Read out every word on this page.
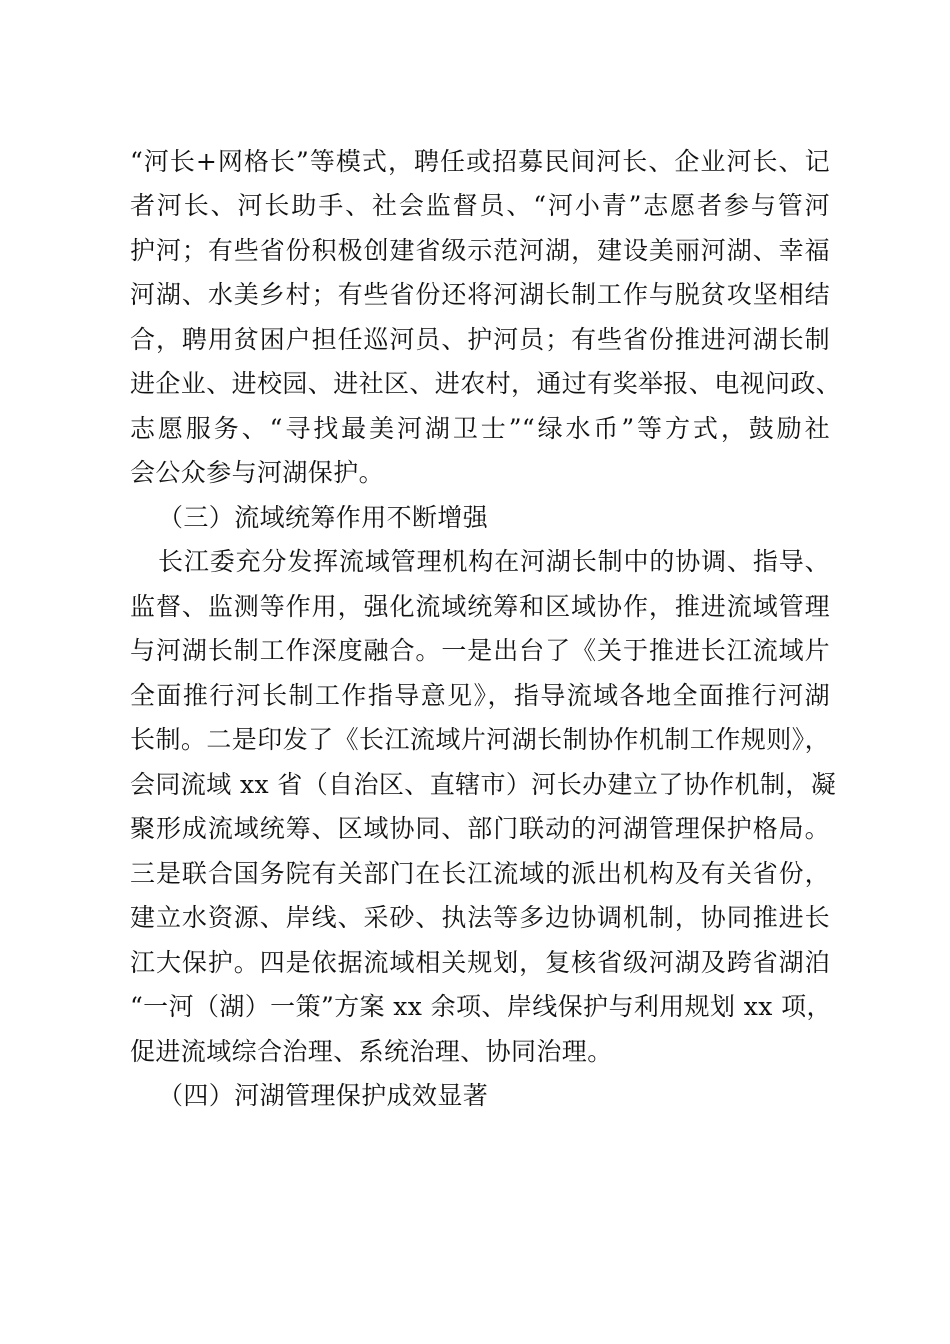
“河长+网格长”等模式，聘任或招募民间河长、企业河长、记
者河长、河长助手、社会监督员、“河小青”志愿者参与管河
护河；有些省份积极创建省级示范河湖，建设美丽河湖、幸福
河湖、水美乡村；有些省份还将河湖长制工作与脱贫攻坚相结
合，聘用贫困户担任巡河员、护河员；有些省份推进河湖长制
进企业、进校园、进社区、进农村，通过有奖举报、电视问政、
志愿服务、“寻找最美河湖卫士”“绿水币”等方式，鼓励社
会公众参与河湖保护。
（三）流域统筹作用不断增强
长江委充分发挥流域管理机构在河湖长制中的协调、指导、
监督、监测等作用，强化流域统筹和区域协作，推进流域管理
与河湖长制工作深度融合。一是出台了《关于推进长江流域片
全面推行河长制工作指导意见》，指导流域各地全面推行河湖
长制。二是印发了《长江流域片河湖长制协作机制工作规则》，
会同流域 xx 省（自治区、直辖市）河长办建立了协作机制，凝
聚形成流域统筹、区域协同、部门联动的河湖管理保护格局。
三是联合国务院有关部门在长江流域的派出机构及有关省份，
建立水资源、岸线、采砂、执法等多边协调机制，协同推进长
江大保护。四是依据流域相关规划，复核省级河湖及跨省湖泊
“一河（湖）一策”方案 xx 余项、岸线保护与利用规划 xx 项，
促进流域综合治理、系统治理、协同治理。
（四）河湖管理保护成效显著
